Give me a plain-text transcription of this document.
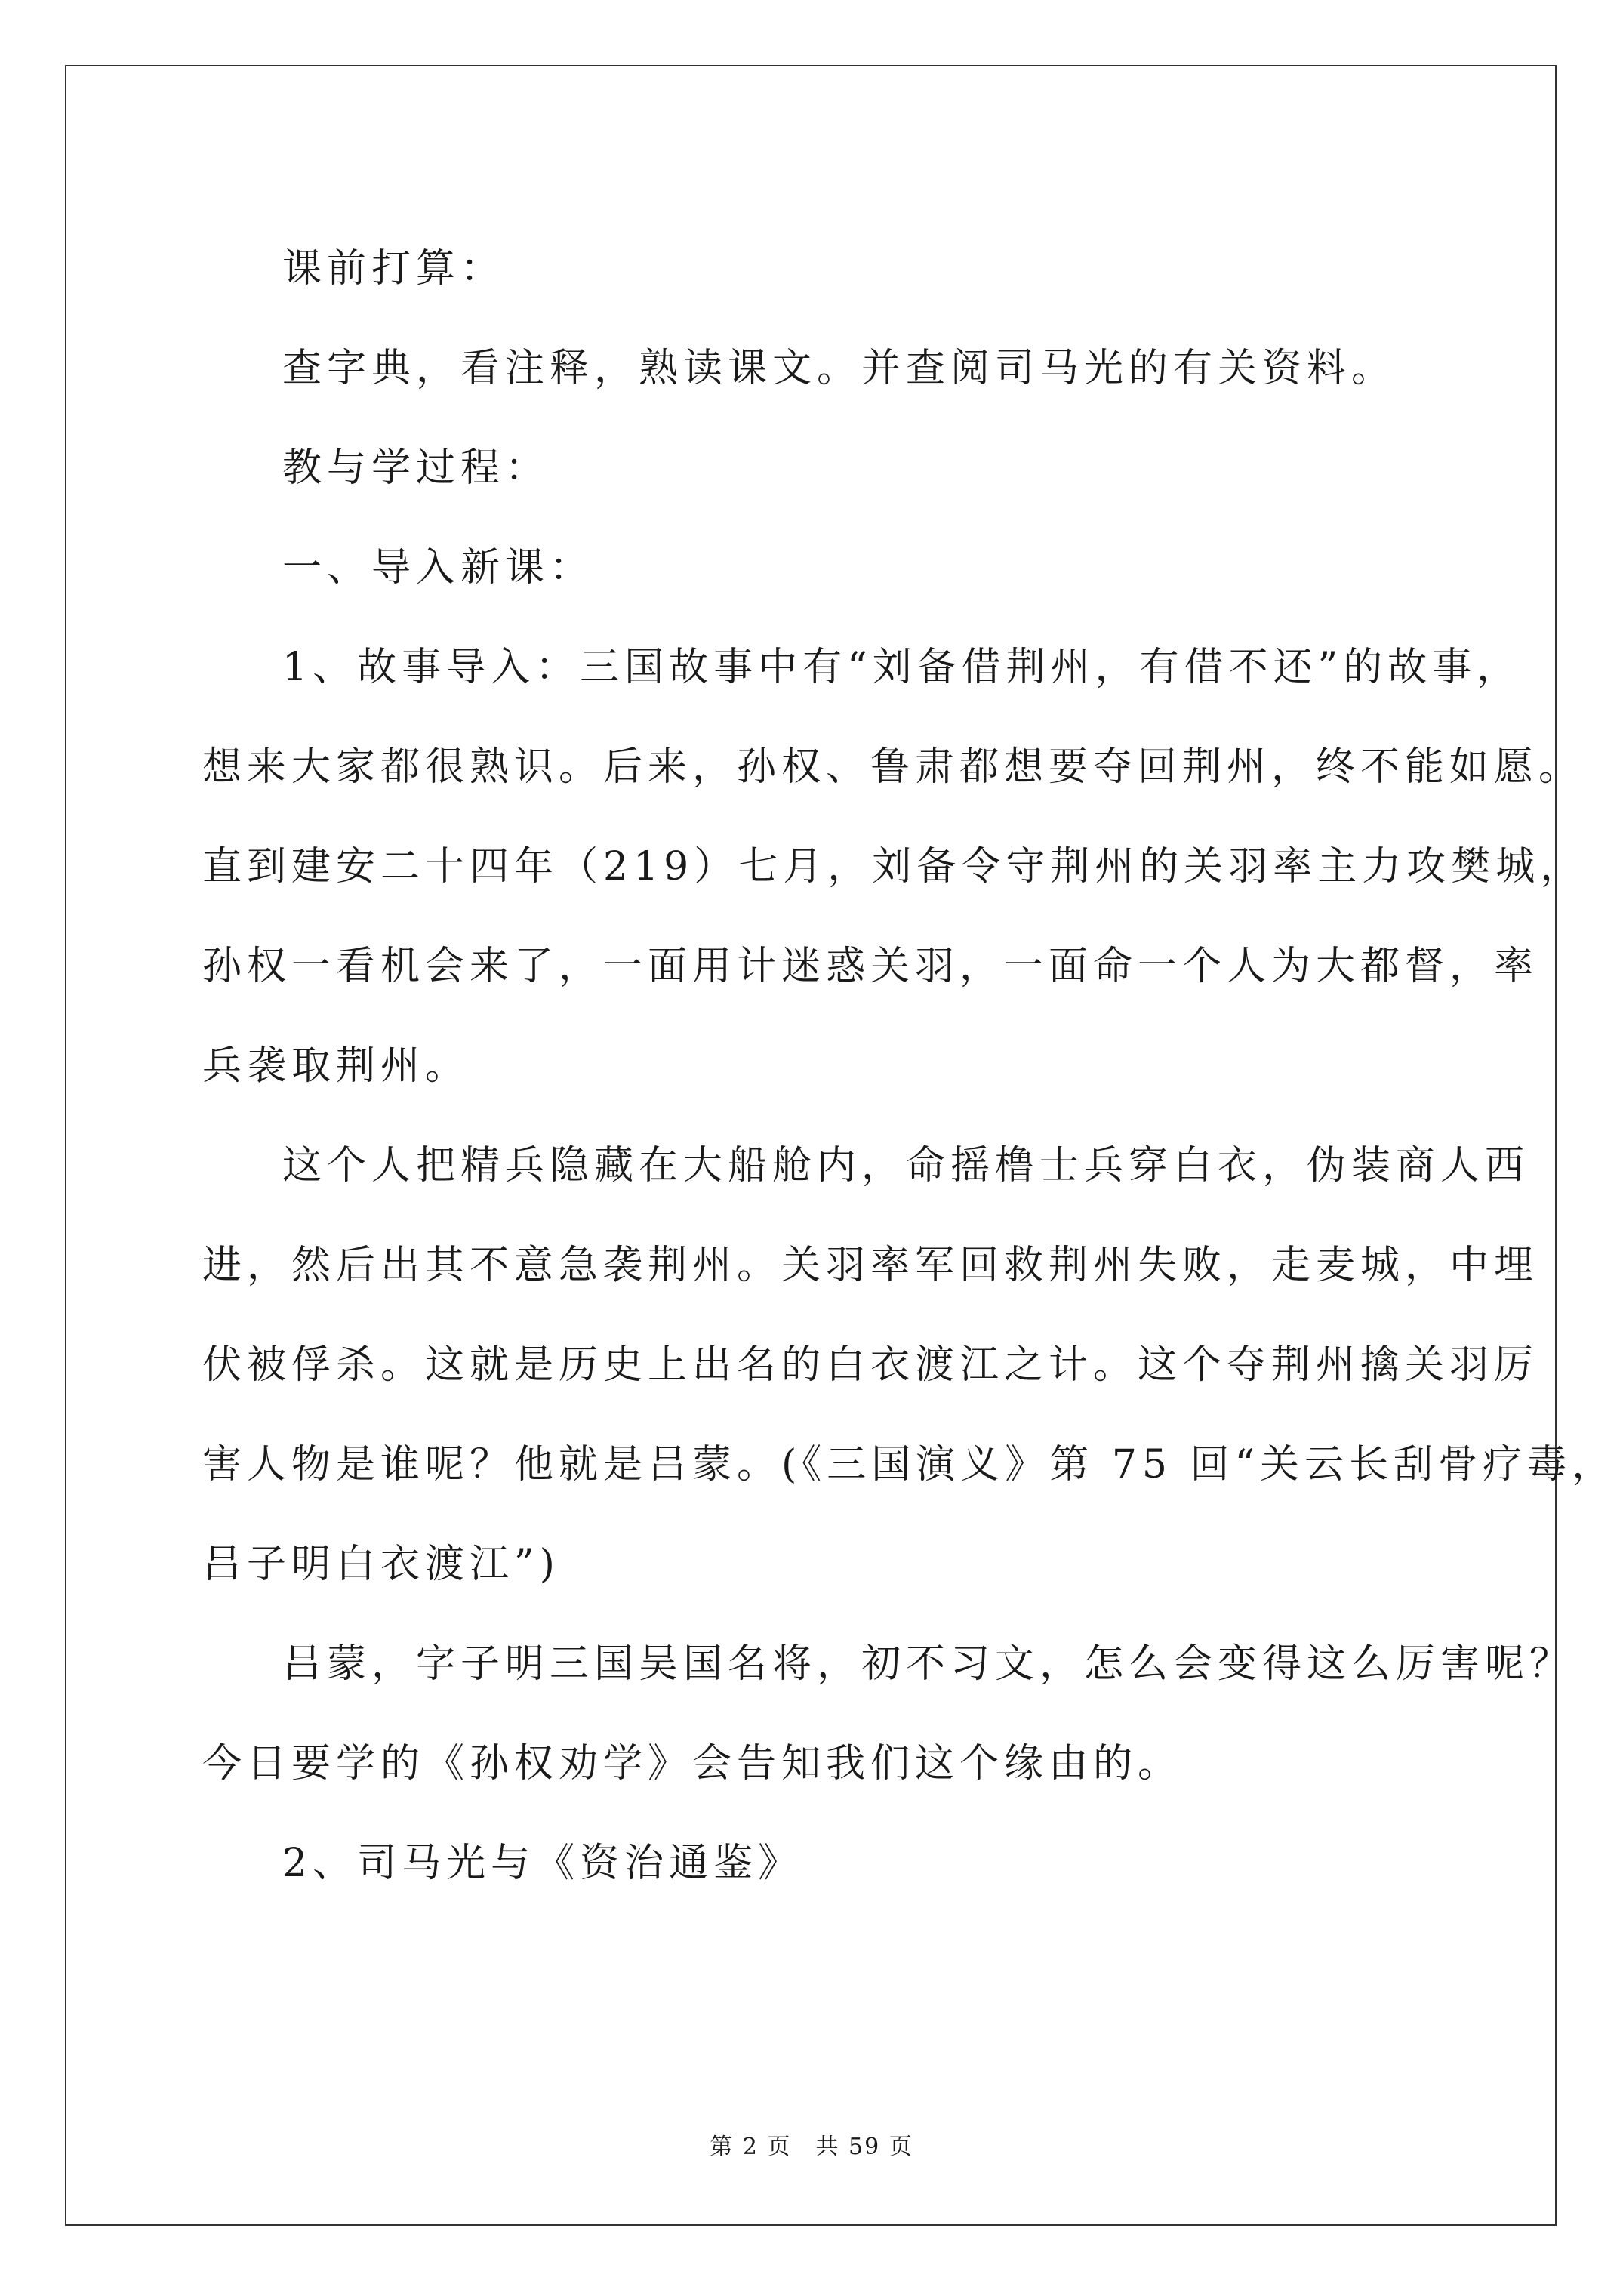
课前打算：

查字典，看注释，熟读课文。并查阅司马光的有关资料。

教与学过程：

一、导入新课：

1、故事导入：三国故事中有“刘备借荆州，有借不还”的故事，
想来大家都很熟识。后来，孙权、鲁肃都想要夺回荆州，终不能如愿。
直到建安二十四年（219）七月，刘备令守荆州的关羽率主力攻樊城，
孙权一看机会来了，一面用计迷惑关羽，一面命一个人为大都督，率
兵袭取荆州。

这个人把精兵隐藏在大船舱内，命摇橹士兵穿白衣，伪装商人西
进，然后出其不意急袭荆州。关羽率军回救荆州失败，走麦城，中埋
伏被俘杀。这就是历史上出名的白衣渡江之计。这个夺荆州擒关羽厉
害人物是谁呢？他就是吕蒙。(《三国演义》第 75 回“关云长刮骨疗毒，
吕子明白衣渡江”)

吕蒙，字子明三国吴国名将，初不习文，怎么会变得这么厉害呢？
今日要学的《孙权劝学》会告知我们这个缘由的。

2、司马光与《资治通鉴》

第 2 页　共 59 页
